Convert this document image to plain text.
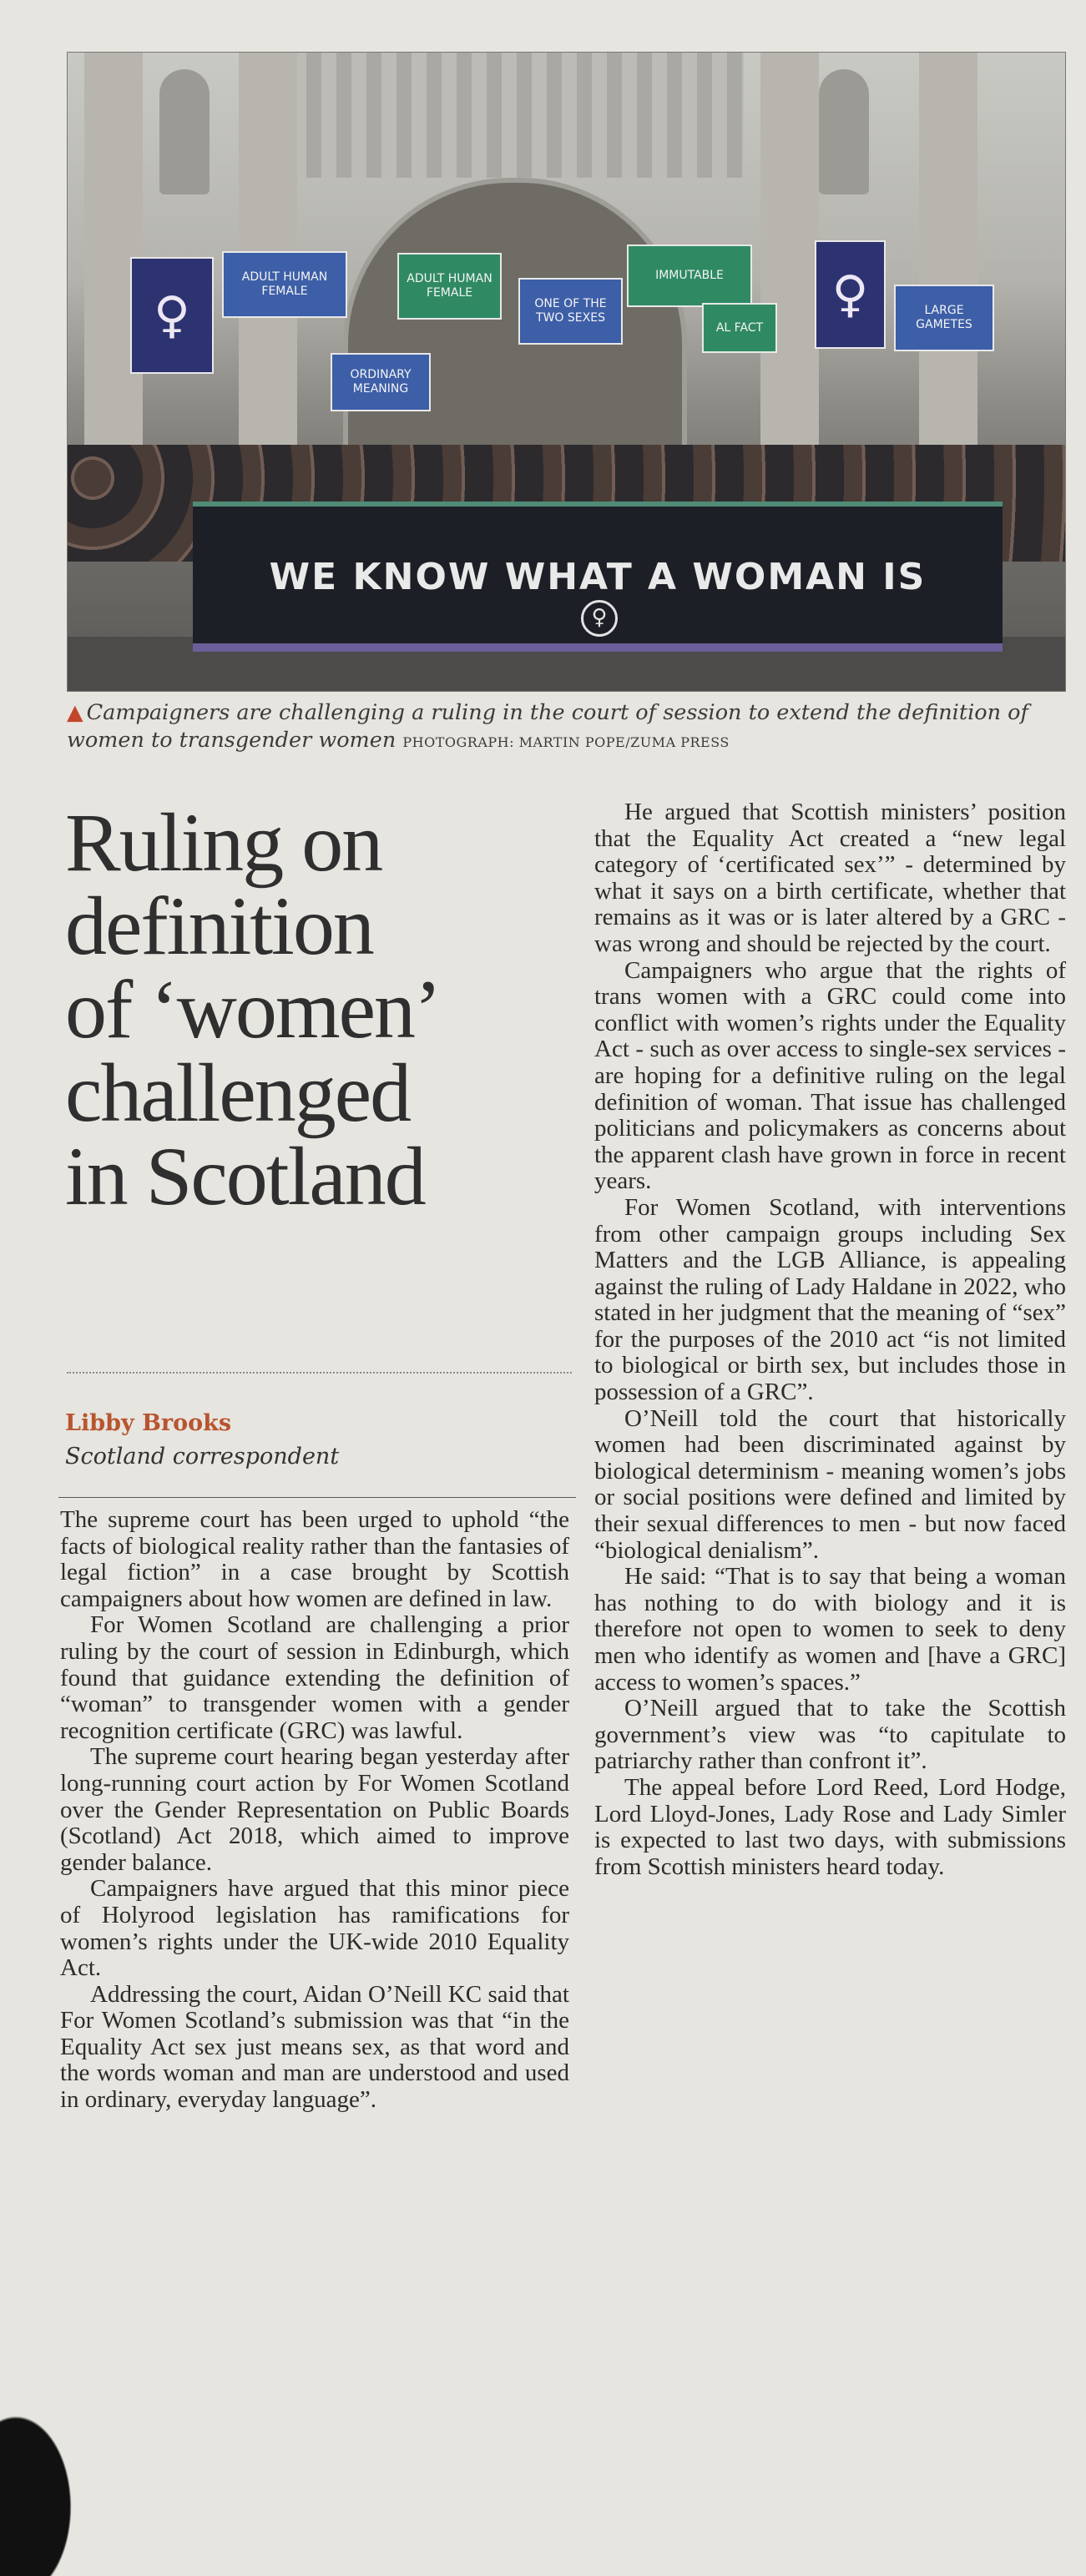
♀
ADULT HUMAN FEMALE
ADULT HUMAN FEMALE
ONE OF THE TWO SEXES
IMMUTABLE
AL FACT
ORDINARY MEANING
♀	LARGE GAMETES
WE KNOW WHAT A WOMAN IS
♀
▲ Campaigners are challenging a ruling in the court of session to extend the definition of women to transgender women PHOTOGRAPH: MARTIN POPE/ZUMA PRESS
Ruling on
definition
of ‘women’
challenged
in Scotland
Libby Brooks
Scotland correspondent

The supreme court has been urged to uphold “the facts of biological reality rather than the fantasies of legal fiction” in a case brought by Scottish campaigners about how women are defined in law.

For Women Scotland are challenging a prior ruling by the court of session in Edinburgh, which found that guidance extending the definition of “woman” to transgender women with a gender recognition certificate (GRC) was lawful.

The supreme court hearing began yesterday after long-running court action by For Women Scotland over the Gender Representation on Public Boards (Scotland) Act 2018, which aimed to improve gender balance.

Campaigners have argued that this minor piece of Holyrood legislation has ramifications for women’s rights under the UK-wide 2010 Equality Act.

Addressing the court, Aidan O’Neill KC said that For Women Scotland’s submission was that “in the Equality Act sex just means sex, as that word and the words woman and man are understood and used in ordinary, everyday language”.

He argued that Scottish ministers’ position that the Equality Act created a “new legal category of ‘certificated sex’” - determined by what it says on a birth certificate, whether that remains as it was or is later altered by a GRC - was wrong and should be rejected by the court.

Campaigners who argue that the rights of trans women with a GRC could come into conflict with women’s rights under the Equality Act - such as over access to single-sex services - are hoping for a definitive ruling on the legal definition of woman. That issue has challenged politicians and policymakers as concerns about the apparent clash have grown in force in recent years.

For Women Scotland, with interventions from other campaign groups including Sex Matters and the LGB Alliance, is appealing against the ruling of Lady Haldane in 2022, who stated in her judgment that the meaning of “sex” for the purposes of the 2010 act “is not limited to biological or birth sex, but includes those in possession of a GRC”.

O’Neill told the court that historically women had been discriminated against by biological determinism - meaning women’s jobs or social positions were defined and limited by their sexual differences to men - but now faced “biological denialism”.

He said: “That is to say that being a woman has nothing to do with biology and it is therefore not open to women to seek to deny men who identify as women and [have a GRC] access to women’s spaces.”

O’Neill argued that to take the Scottish government’s view was “to capitulate to patriarchy rather than confront it”.

The appeal before Lord Reed, Lord Hodge, Lord Lloyd-Jones, Lady Rose and Lady Simler is expected to last two days, with submissions from Scottish ministers heard today.
